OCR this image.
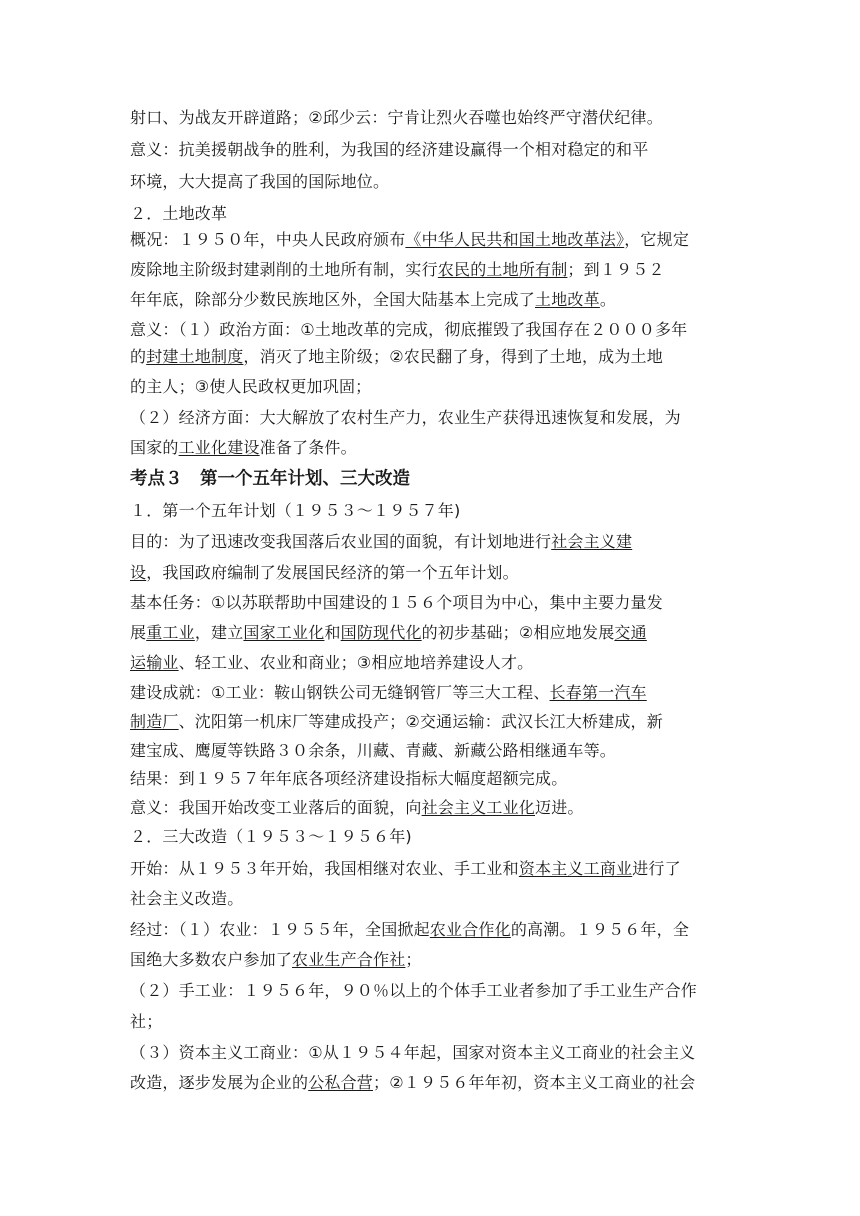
射口、为战友开辟道路；②邱少云：宁肯让烈火吞噬也始终严守潜伏纪律。
意义：抗美援朝战争的胜利，为我国的经济建设赢得一个相对稳定的和平
环境，大大提高了我国的国际地位。
２．土地改革
概况：１９５０年，中央人民政府颁布《中华人民共和国土地改革法》，它规定
废除地主阶级封建剥削的土地所有制，实行农民的土地所有制；到１９５２
年年底，除部分少数民族地区外，全国大陆基本上完成了土地改革。
意义：（１）政治方面：①土地改革的完成，彻底摧毁了我国存在２０００多年
的封建土地制度，消灭了地主阶级；②农民翻了身，得到了土地，成为土地
的主人；③使人民政权更加巩固；
（２）经济方面：大大解放了农村生产力，农业生产获得迅速恢复和发展，为
国家的工业化建设准备了条件。
１．第一个五年计划（１９５３～１９５７年)
目的：为了迅速改变我国落后农业国的面貌，有计划地进行社会主义建
设，我国政府编制了发展国民经济的第一个五年计划。
基本任务：①以苏联帮助中国建设的１５６个项目为中心，集中主要力量发
展重工业，建立国家工业化和国防现代化的初步基础；②相应地发展交通
运输业、轻工业、农业和商业；③相应地培养建设人才。
建设成就：①工业：鞍山钢铁公司无缝钢管厂等三大工程、长春第一汽车
制造厂、沈阳第一机床厂等建成投产；②交通运输：武汉长江大桥建成，新
建宝成、鹰厦等铁路３０余条，川藏、青藏、新藏公路相继通车等。
结果：到１９５７年年底各项经济建设指标大幅度超额完成。
意义：我国开始改变工业落后的面貌，向社会主义工业化迈进。
２．三大改造（１９５３～１９５６年)
开始：从１９５３年开始，我国相继对农业、手工业和资本主义工商业进行了
社会主义改造。
经过：（１）农业：１９５５年，全国掀起农业合作化的高潮。１９５６年，全
国绝大多数农户参加了农业生产合作社；
（２）手工业：１９５６年，９０％以上的个体手工业者参加了手工业生产合作
社；
（３）资本主义工商业：①从１９５４年起，国家对资本主义工商业的社会主义
改造，逐步发展为企业的公私合营；②１９５６年年初，资本主义工商业的社会
考点３　第一个五年计划、三大改造
